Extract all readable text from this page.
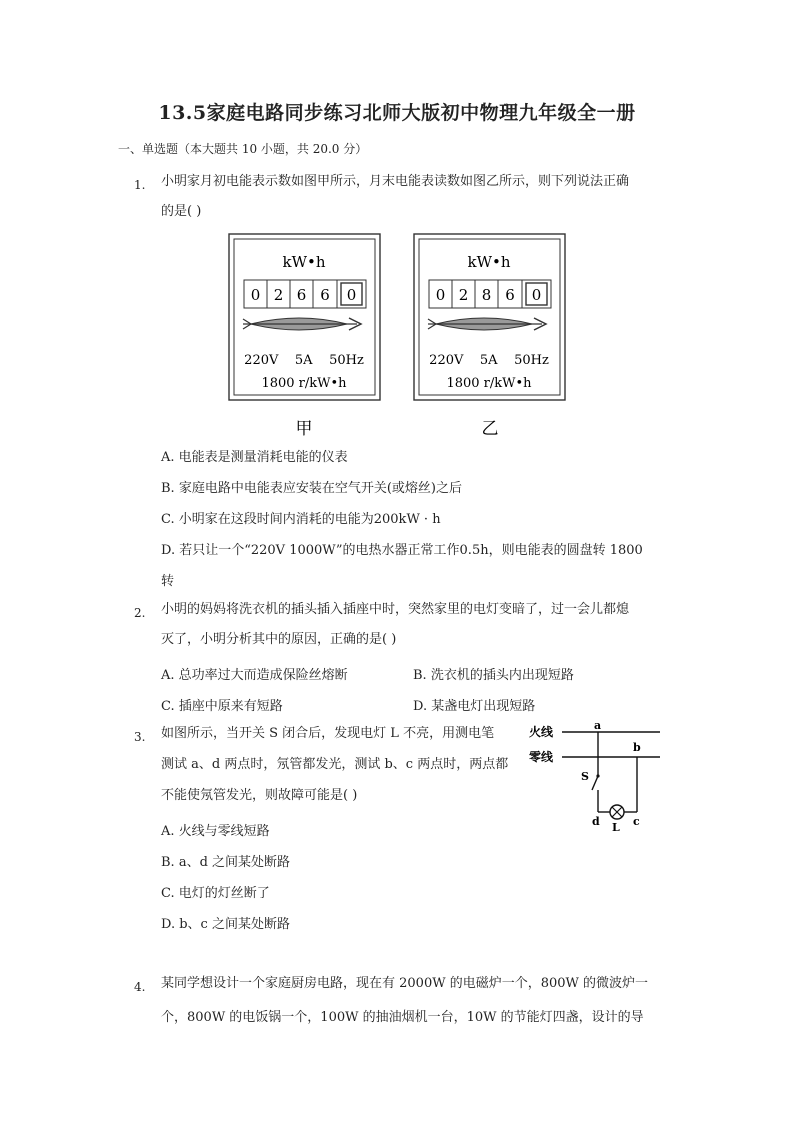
13.5家庭电路同步练习北师大版初中物理九年级全一册
一、单选题（本大题共 10 小题，共 20.0 分）
1. 小明家月初电能表示数如图甲所示，月末电能表读数如图乙所示，则下列说法正确
的是( )
kW•h
0 2 6 6 0
220V    5A    50Hz
1800 r/kW•h
甲
kW•h
0 2 8 6 0
220V    5A    50Hz
1800 r/kW•h
乙
A. 电能表是测量消耗电能的仪表
B. 家庭电路中电能表应安装在空气开关(或熔丝)之后
C. 小明家在这段时间内消耗的电能为200kW · h
D. 若只让一个“220V 1000W”的电热水器正常工作0.5h，则电能表的圆盘转 1800
转
2. 小明的妈妈将洗衣机的插头插入插座中时，突然家里的电灯变暗了，过一会儿都熄
灭了，小明分析其中的原因，正确的是( )
A. 总功率过大而造成保险丝熔断	B. 洗衣机的插头内出现短路
C. 插座中原来有短路	D. 某盏电灯出现短路
3. 如图所示，当开关 S 闭合后，发现电灯 L 不亮，用测电笔
测试 a、d 两点时，氖管都发光，测试 b、c 两点时，两点都
不能使氖管发光，则故障可能是( )
A. 火线与零线短路
B. a、d 之间某处断路
C. 电灯的灯丝断了
D. b、c 之间某处断路
火线
零线
a
b
S
d L c
4. 某同学想设计一个家庭厨房电路，现在有 2000W 的电磁炉一个，800W 的微波炉一
个，800W 的电饭锅一个，100W 的抽油烟机一台，10W 的节能灯四盏，设计的导
